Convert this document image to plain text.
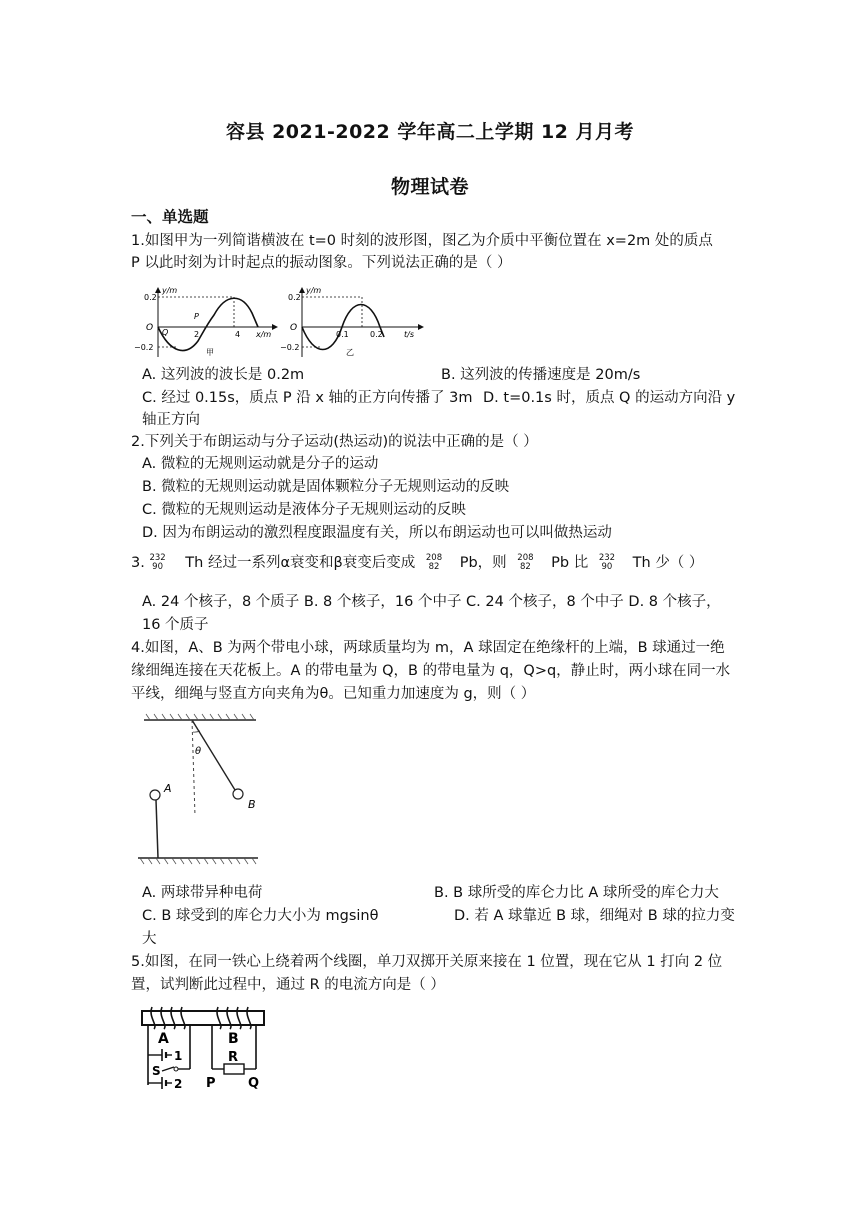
容县 2021-2022 学年高二上学期 12 月月考
物理试卷
一、单选题
1.如图甲为一列简谐横波在 t=0 时刻的波形图，图乙为介质中平衡位置在 x=2m 处的质点
P 以此时刻为计时起点的振动图象。下列说法正确的是（ ）
0.2
O
−0.2
y/m
x/m
2	4
P
Q
甲
0.2
O
−0.2
y/m
t/s
0.1	0.2
乙
A. 这列波的波长是 0.2m	B. 这列波的传播速度是 20m/s
C. 经过 0.15s，质点 P 沿 x 轴的正方向传播了 3m D. t=0.1s 时，质点 Q 的运动方向沿 y
轴正方向
2.下列关于布朗运动与分子运动(热运动)的说法中正确的是（ ）
A. 微粒的无规则运动就是分子的运动
B. 微粒的无规则运动就是固体颗粒分子无规则运动的反映
C. 微粒的无规则运动是液体分子无规则运动的反映
D. 因为布朗运动的激烈程度跟温度有关，所以布朗运动也可以叫做热运动
3. 232
90 Th 经过一系列α衰变和β衰变后变成 208
82 Pb，则 208
82 Pb 比 232
90 Th 少（ ）
A. 24 个核子，8 个质子 B. 8 个核子，16 个中子 C. 24 个核子，8 个中子 D. 8 个核子，
16 个质子
4.如图，A、B 为两个带电小球，两球质量均为 m，A 球固定在绝缘杆的上端，B 球通过一绝
缘细绳连接在天花板上。A 的带电量为 Q，B 的带电量为 q，Q>q，静止时，两小球在同一水
平线，细绳与竖直方向夹角为θ。已知重力加速度为 g，则（ ）
θ
B
A
A. 两球带异种电荷	B. B 球所受的库仑力比 A 球所受的库仑力大
C. B 球受到的库仑力大小为 mgsinθ	D. 若 A 球靠近 B 球，细绳对 B 球的拉力变
大
5.如图，在同一铁心上绕着两个线圈，单刀双掷开关原来接在 1 位置，现在它从 1 打向 2 位
置，试判断此过程中，通过 R 的电流方向是（ ）
A	B
1
S
2
R
P Q
